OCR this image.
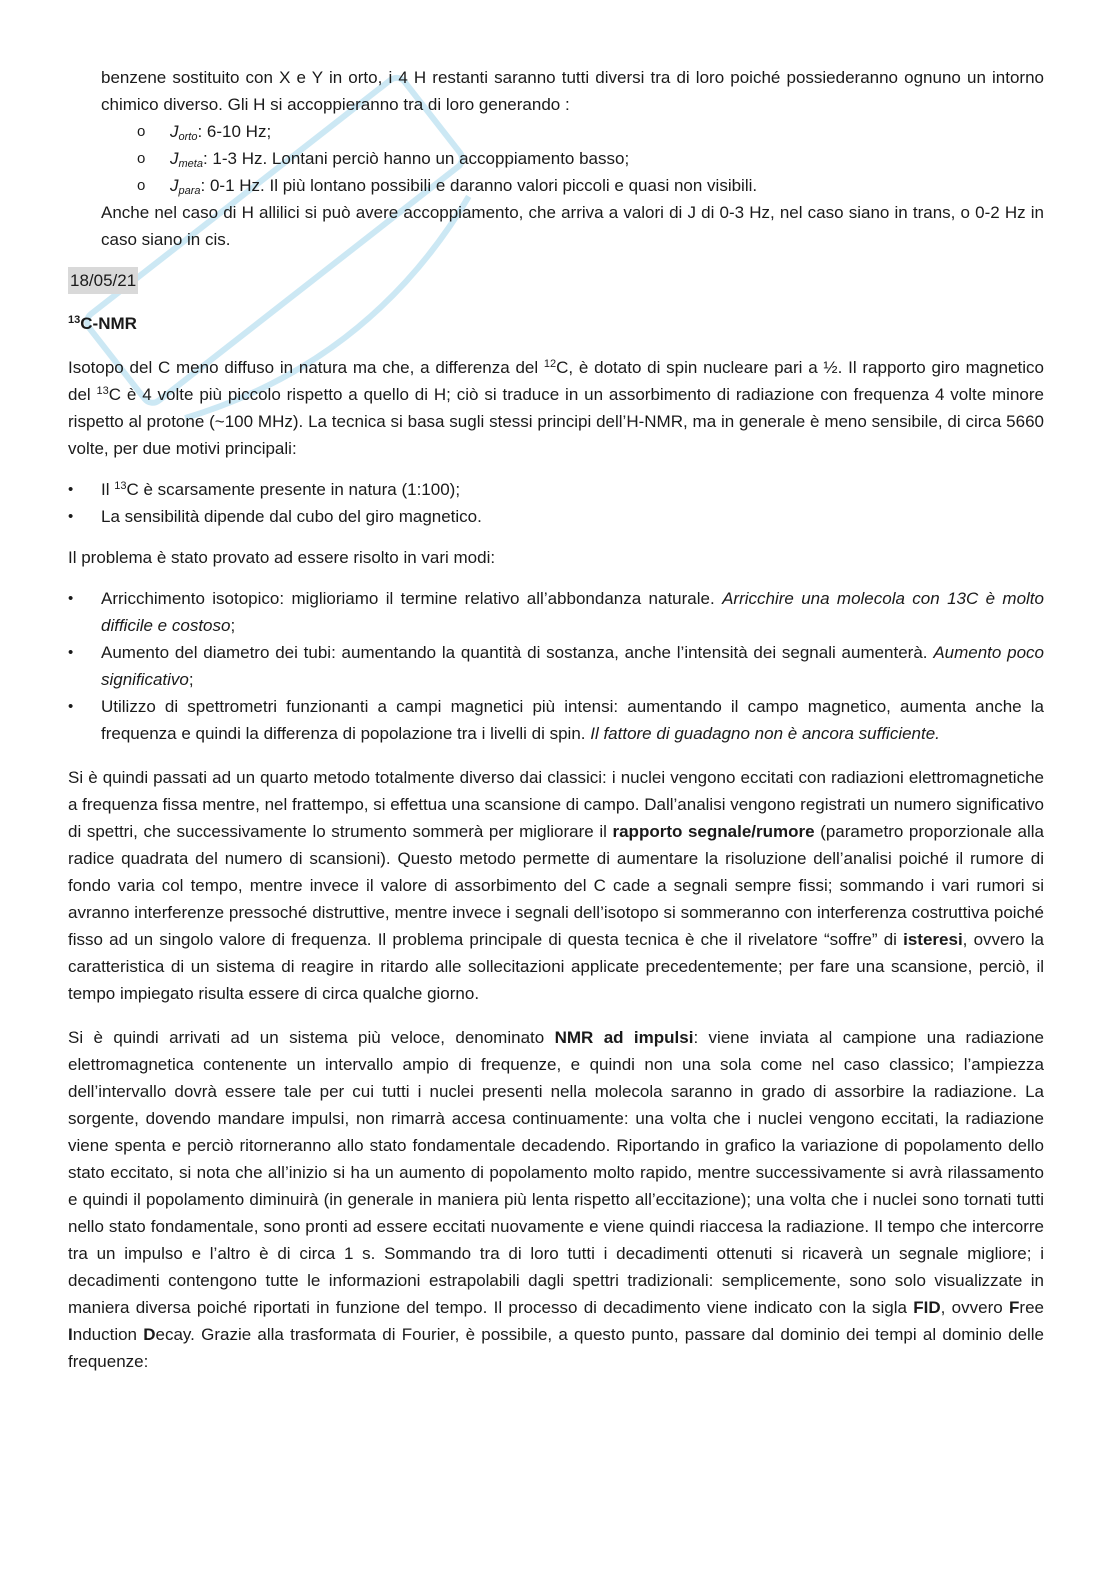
benzene sostituito con X e Y in orto, i 4 H restanti saranno tutti diversi tra di loro poiché possiederanno ognuno un intorno chimico diverso. Gli H si accoppieranno tra di loro generando :

o $J_{orto}$: 6-10 Hz;
o $J_{meta}$: 1-3 Hz. Lontani perciò hanno un accoppiamento basso;
o $J_{para}$: 0-1 Hz. Il più lontano possibili e daranno valori piccoli e quasi non visibili.

Anche nel caso di H allilici si può avere accoppiamento, che arriva a valori di J di 0-3 Hz, nel caso siano in trans, o 0-2 Hz in caso siano in cis.

18/05/21

$^{13}$C-NMR

Isotopo del C meno diffuso in natura ma che, a differenza del $^{12}$C, è dotato di spin nucleare pari a ½. Il rapporto giro magnetico del $^{13}$C è 4 volte più piccolo rispetto a quello di H; ciò si traduce in un assorbimento di radiazione con frequenza 4 volte minore rispetto al protone (~100 MHz). La tecnica si basa sugli stessi principi dell’H-NMR, ma in generale è meno sensibile, di circa 5660 volte, per due motivi principali:

• Il $^{13}$C è scarsamente presente in natura (1:100);
• La sensibilità dipende dal cubo del giro magnetico.

Il problema è stato provato ad essere risolto in vari modi:

• Arricchimento isotopico: miglioriamo il termine relativo all’abbondanza naturale. Arricchire una molecola con 13C è molto difficile e costoso;
• Aumento del diametro dei tubi: aumentando la quantità di sostanza, anche l’intensità dei segnali aumenterà. Aumento poco significativo;
• Utilizzo di spettrometri funzionanti a campi magnetici più intensi: aumentando il campo magnetico, aumenta anche la frequenza e quindi la differenza di popolazione tra i livelli di spin. Il fattore di guadagno non è ancora sufficiente.

Si è quindi passati ad un quarto metodo totalmente diverso dai classici: i nuclei vengono eccitati con radiazioni elettromagnetiche a frequenza fissa mentre, nel frattempo, si effettua una scansione di campo. Dall’analisi vengono registrati un numero significativo di spettri, che successivamente lo strumento sommerà per migliorare il rapporto segnale/rumore (parametro proporzionale alla radice quadrata del numero di scansioni). Questo metodo permette di aumentare la risoluzione dell’analisi poiché il rumore di fondo varia col tempo, mentre invece il valore di assorbimento del C cade a segnali sempre fissi; sommando i vari rumori si avranno interferenze pressoché distruttive, mentre invece i segnali dell’isotopo si sommeranno con interferenza costruttiva poiché fisso ad un singolo valore di frequenza. Il problema principale di questa tecnica è che il rivelatore “soffre” di isteresi, ovvero la caratteristica di un sistema di reagire in ritardo alle sollecitazioni applicate precedentemente; per fare una scansione, perciò, il tempo impiegato risulta essere di circa qualche giorno.

Si è quindi arrivati ad un sistema più veloce, denominato NMR ad impulsi: viene inviata al campione una radiazione elettromagnetica contenente un intervallo ampio di frequenze, e quindi non una sola come nel caso classico; l’ampiezza dell’intervallo dovrà essere tale per cui tutti i nuclei presenti nella molecola saranno in grado di assorbire la radiazione. La sorgente, dovendo mandare impulsi, non rimarrà accesa continuamente: una volta che i nuclei vengono eccitati, la radiazione viene spenta e perciò ritorneranno allo stato fondamentale decadendo. Riportando in grafico la variazione di popolamento dello stato eccitato, si nota che all’inizio si ha un aumento di popolamento molto rapido, mentre successivamente si avrà rilassamento e quindi il popolamento diminuirà (in generale in maniera più lenta rispetto all’eccitazione); una volta che i nuclei sono tornati tutti nello stato fondamentale, sono pronti ad essere eccitati nuovamente e viene quindi riaccesa la radiazione. Il tempo che intercorre tra un impulso e l’altro è di circa 1 s. Sommando tra di loro tutti i decadimenti ottenuti si ricaverà un segnale migliore; i decadimenti contengono tutte le informazioni estrapolabili dagli spettri tradizionali: semplicemente, sono solo visualizzate in maniera diversa poiché riportati in funzione del tempo. Il processo di decadimento viene indicato con la sigla FID, ovvero Free Induction Decay. Grazie alla trasformata di Fourier, è possibile, a questo punto, passare dal dominio dei tempi al dominio delle frequenze:
